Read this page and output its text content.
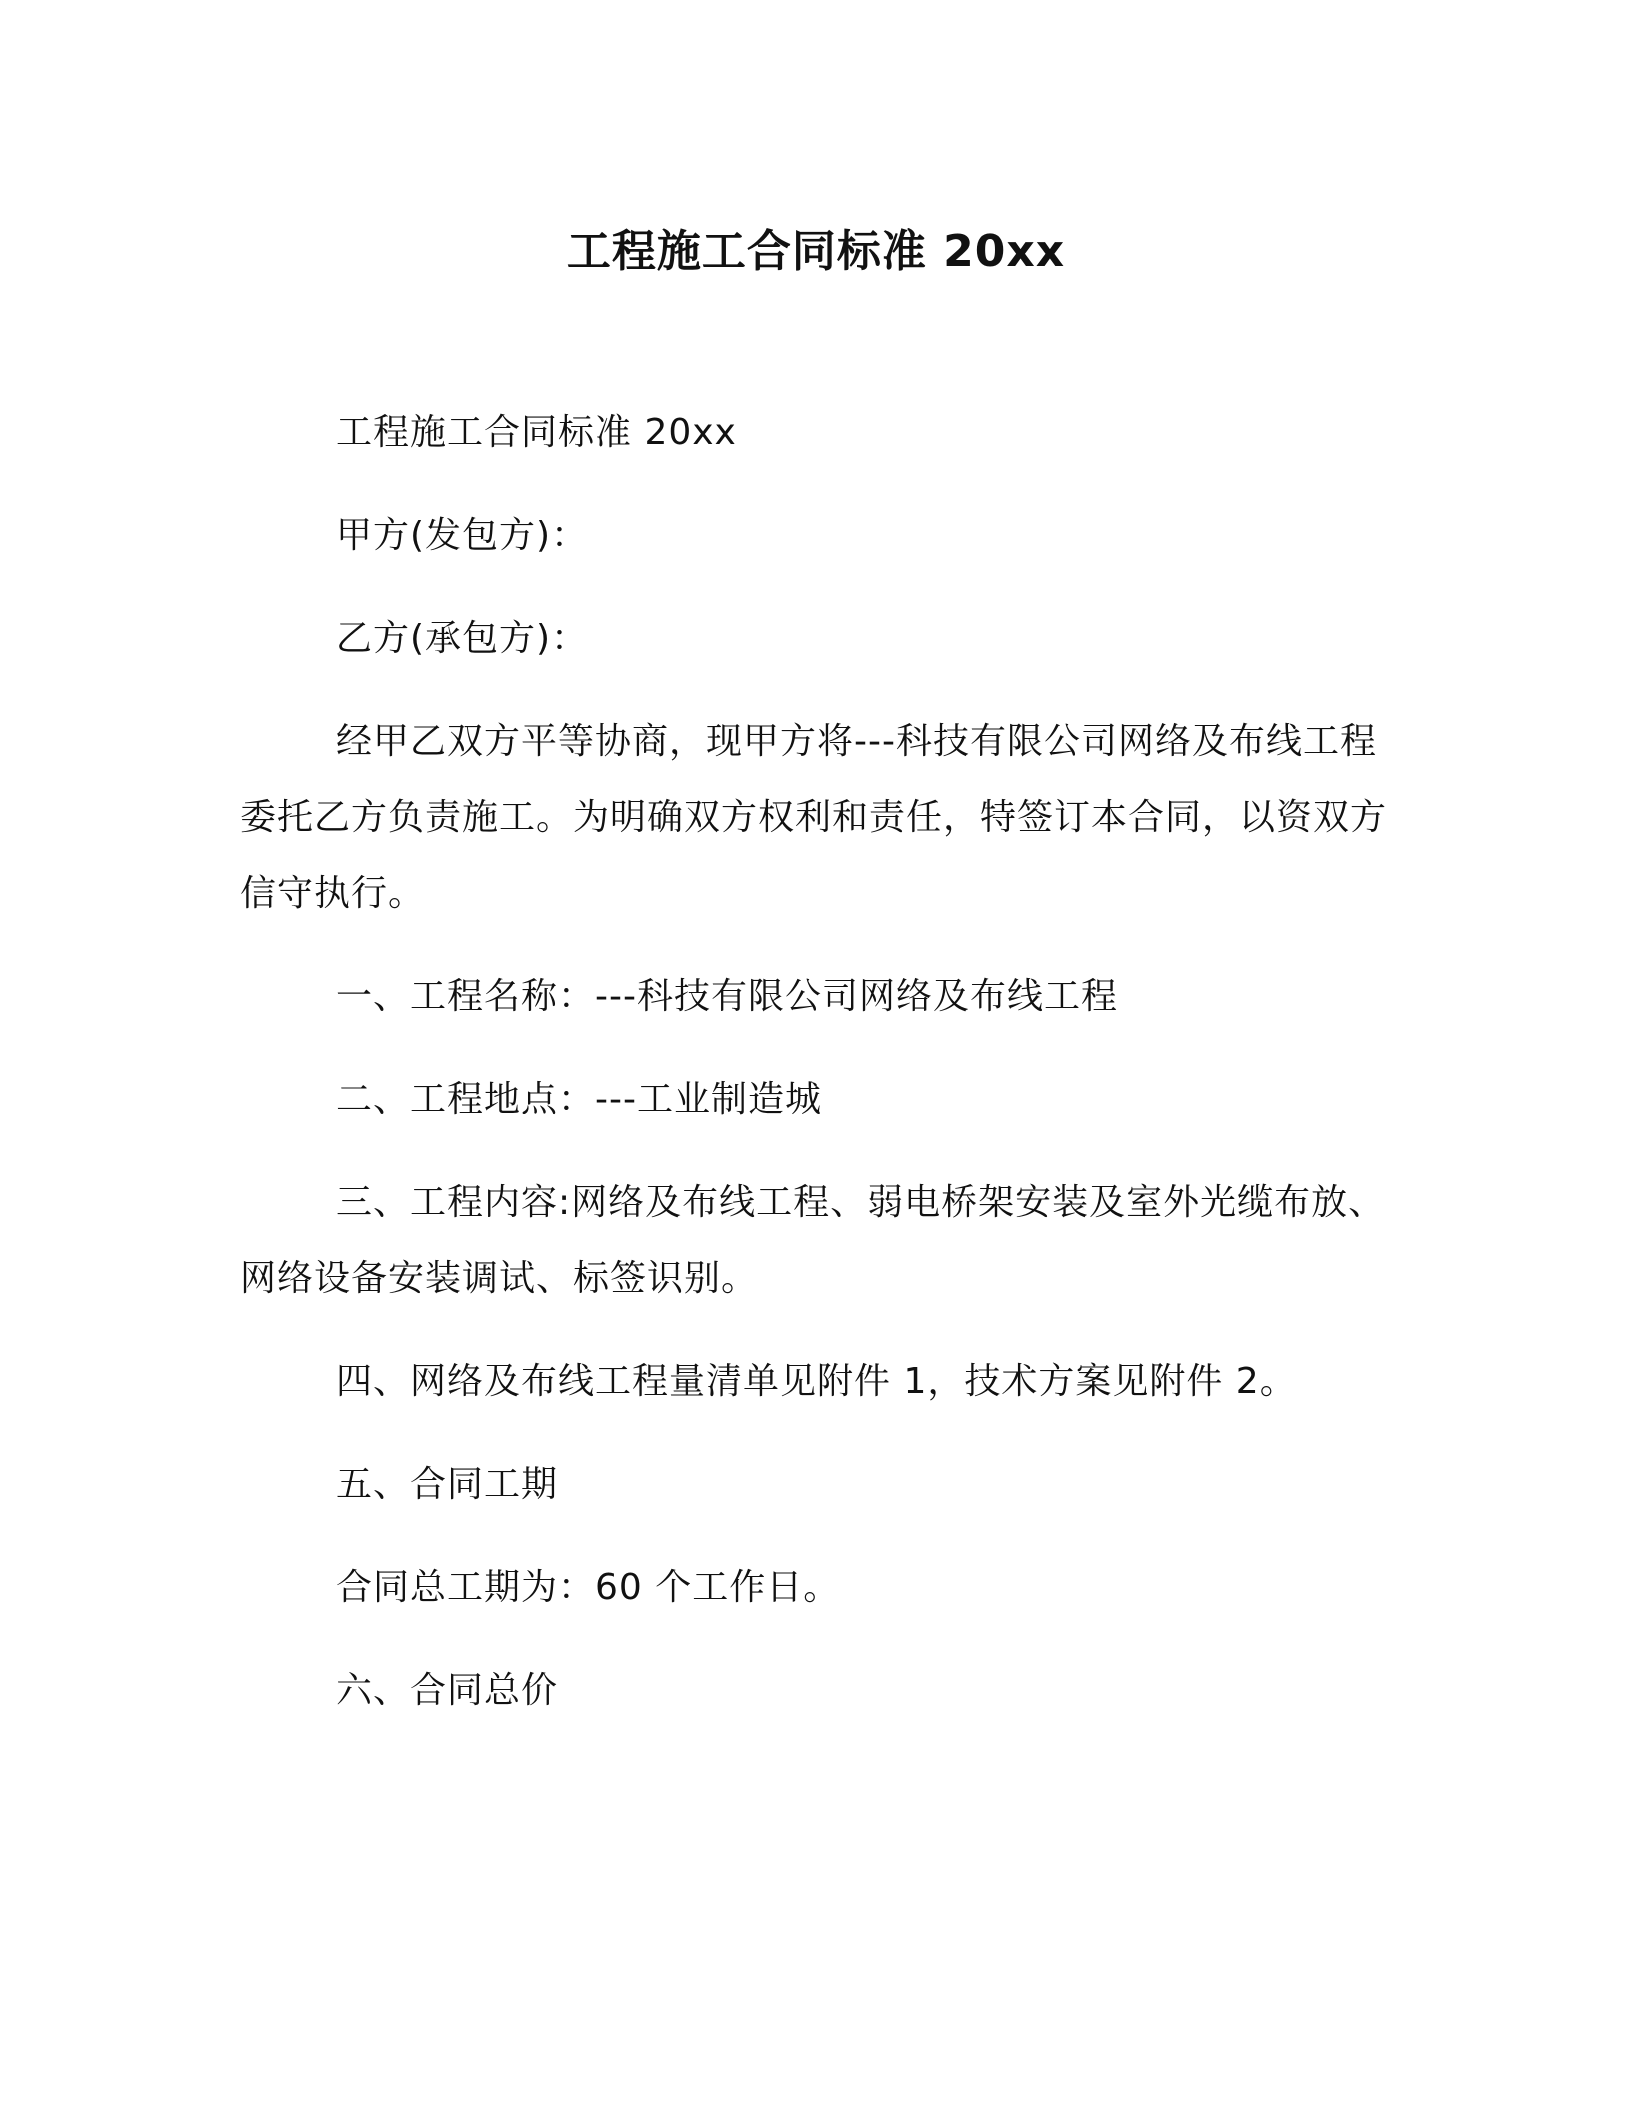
工程施工合同标准 20xx

工程施工合同标准 20xx

甲方(发包方)：

乙方(承包方)：

经甲乙双方平等协商，现甲方将---科技有限公司网络及布线工程委托乙方负责施工。为明确双方权利和责任，特签订本合同，以资双方信守执行。

一、工程名称：---科技有限公司网络及布线工程

二、工程地点：---工业制造城

三、工程内容:网络及布线工程、弱电桥架安装及室外光缆布放、网络设备安装调试、标签识别。

四、网络及布线工程量清单见附件 1，技术方案见附件 2。

五、合同工期

合同总工期为：60 个工作日。

六、合同总价
